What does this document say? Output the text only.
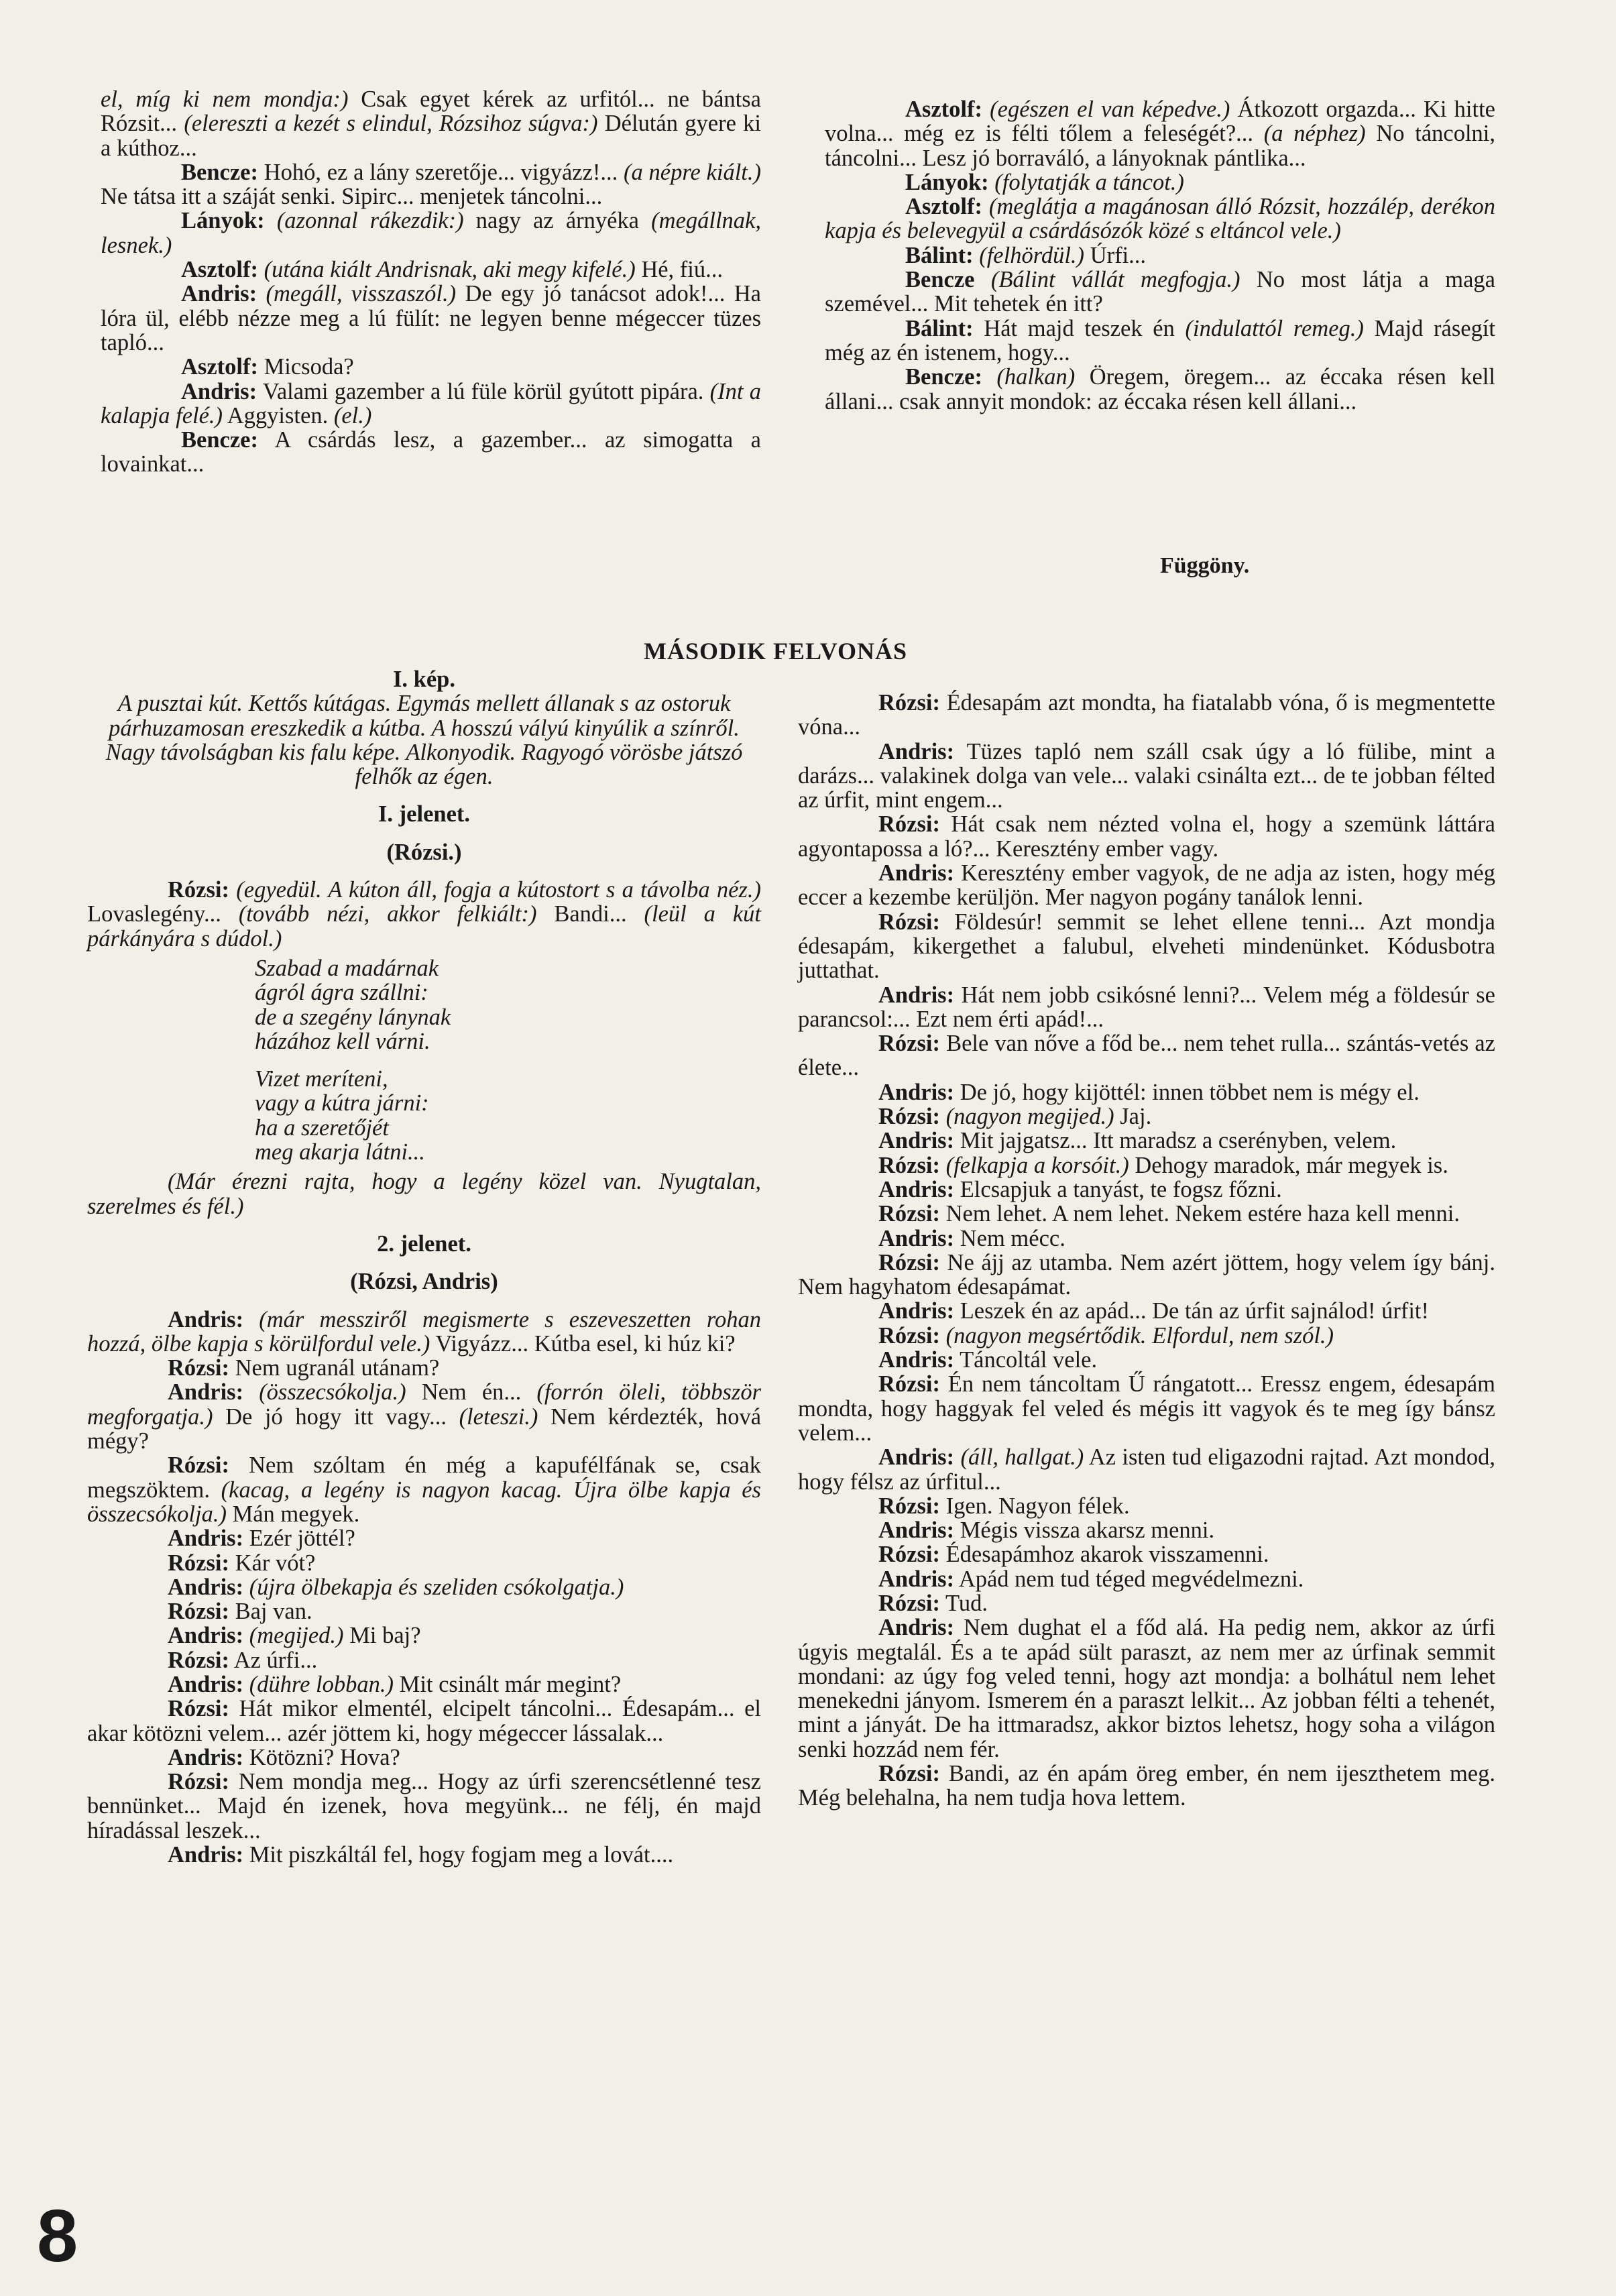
el, míg ki nem mondja:) Csak egyet kérek az urfitól... ne bántsa Rózsit... (elereszti a kezét s elindul, Rózsihoz súgva:) Délután gyere ki a kúthoz...

Bencze: Hohó, ez a lány szeretője... vigyázz!... (a népre kiált.) Ne tátsa itt a száját senki. Sipirc... menjetek táncolni...

Lányok: (azonnal rákezdik:) nagy az árnyéka (megállnak, lesnek.)

Asztolf: (utána kiált Andrisnak, aki megy kifelé.) Hé, fiú...

Andris: (megáll, visszaszól.) De egy jó tanácsot adok!... Ha lóra ül, elébb nézze meg a lú fülít: ne legyen benne mégeccer tüzes tapló...

Asztolf: Micsoda?

Andris: Valami gazember a lú füle körül gyútott pipára. (Int a kalapja felé.) Aggyisten. (el.)

Bencze: A csárdás lesz, a gazember... az simogatta a lovainkat...

Asztolf: (egészen el van képedve.) Átkozott orgazda... Ki hitte volna... még ez is félti tőlem a feleségét?... (a néphez) No táncolni, táncolni... Lesz jó borraváló, a lányoknak pántlika...

Lányok: (folytatják a táncot.)

Asztolf: (meglátja a magánosan álló Rózsit, hozzálép, derékon kapja és belevegyül a csárdásózók közé s eltáncol vele.)

Bálint: (felhördül.) Úrfi...

Bencze (Bálint vállát megfogja.) No most látja a maga szemével... Mit tehetek én itt?

Bálint: Hát majd teszek én (indulattól remeg.) Majd rásegít még az én istenem, hogy...

Bencze: (halkan) Öregem, öregem... az éccaka résen kell állani... csak annyit mondok: az éccaka résen kell állani...

Függöny.
MÁSODIK FELVONÁS

I. kép.

A pusztai kút. Kettős kútágas. Egymás mellett állanak s az ostoruk párhuzamosan ereszkedik a kútba. A hosszú vályú kinyúlik a színről. Nagy távolságban kis falu képe. Alkonyodik. Ragyogó vörösbe játszó felhők az égen.

I. jelenet.

(Rózsi.)

Rózsi: (egyedül. A kúton áll, fogja a kútostort s a távolba néz.) Lovaslegény... (tovább nézi, akkor felkiált:) Bandi... (leül a kút párkányára s dúdol.)

Szabad a madárnak
ágról ágra szállni:
de a szegény lánynak
házához kell várni.
Vizet meríteni,
vagy a kútra járni:
ha a szeretőjét
meg akarja látni...

(Már érezni rajta, hogy a legény közel van. Nyugtalan, szerelmes és fél.)

2. jelenet.

(Rózsi, Andris)

Andris: (már messziről megismerte s eszeveszetten rohan hozzá, ölbe kapja s körülfordul vele.) Vigyázz... Kútba esel, ki húz ki?

Rózsi: Nem ugranál utánam?

Andris: (összecsókolja.) Nem én... (forrón öleli, többször megforgatja.) De jó hogy itt vagy... (leteszi.) Nem kérdezték, hová mégy?

Rózsi: Nem szóltam én még a kapufélfának se, csak megszöktem. (kacag, a legény is nagyon kacag. Újra ölbe kapja és összecsókolja.) Mán megyek.

Andris: Ezér jöttél?

Rózsi: Kár vót?

Andris: (újra ölbekapja és szeliden csókolgatja.)

Rózsi: Baj van.

Andris: (megijed.) Mi baj?

Rózsi: Az úrfi...

Andris: (dühre lobban.) Mit csinált már megint?

Rózsi: Hát mikor elmentél, elcipelt táncolni... Édesapám... el akar kötözni velem... azér jöttem ki, hogy mégeccer lássalak...

Andris: Kötözni? Hova?

Rózsi: Nem mondja meg... Hogy az úrfi szerencsétlenné tesz bennünket... Majd én izenek, hova megyünk... ne félj, én majd híradással leszek...

Andris: Mit piszkáltál fel, hogy fogjam meg a lovát....

Rózsi: Édesapám azt mondta, ha fiatalabb vóna, ő is megmentette vóna...

Andris: Tüzes tapló nem száll csak úgy a ló fülibe, mint a darázs... valakinek dolga van vele... valaki csinálta ezt... de te jobban félted az úrfit, mint engem...

Rózsi: Hát csak nem nézted volna el, hogy a szemünk láttára agyontapossa a ló?... Keresztény ember vagy.

Andris: Keresztény ember vagyok, de ne adja az isten, hogy még eccer a kezembe kerüljön. Mer nagyon pogány tanálok lenni.

Rózsi: Földesúr! semmit se lehet ellene tenni... Azt mondja édesapám, kikergethet a falubul, elveheti mindenünket. Kódusbotra juttathat.

Andris: Hát nem jobb csikósné lenni?... Velem még a földesúr se parancsol:... Ezt nem érti apád!...

Rózsi: Bele van nőve a főd be... nem tehet rulla... szántás-vetés az élete...

Andris: De jó, hogy kijöttél: innen többet nem is mégy el.

Rózsi: (nagyon megijed.) Jaj.

Andris: Mit jajgatsz... Itt maradsz a cserényben, velem.

Rózsi: (felkapja a korsóit.) Dehogy maradok, már megyek is.

Andris: Elcsapjuk a tanyást, te fogsz főzni.

Rózsi: Nem lehet. A nem lehet. Nekem estére haza kell menni.

Andris: Nem mécc.

Rózsi: Ne ájj az utamba. Nem azért jöttem, hogy velem így bánj. Nem hagyhatom édesapámat.

Andris: Leszek én az apád... De tán az úrfit sajnálod! úrfit!

Rózsi: (nagyon megsértődik. Elfordul, nem szól.)

Andris: Táncoltál vele.

Rózsi: Én nem táncoltam Ű rángatott... Eressz engem, édesapám mondta, hogy haggyak fel veled és mégis itt vagyok és te meg így bánsz velem...

Andris: (áll, hallgat.) Az isten tud eligazodni rajtad. Azt mondod, hogy félsz az úrfitul...

Rózsi: Igen. Nagyon félek.

Andris: Mégis vissza akarsz menni.

Rózsi: Édesapámhoz akarok visszamenni.

Andris: Apád nem tud téged megvédelmezni.

Rózsi: Tud.

Andris: Nem dughat el a főd alá. Ha pedig nem, akkor az úrfi úgyis megtalál. És a te apád sült paraszt, az nem mer az úrfinak semmit mondani: az úgy fog veled tenni, hogy azt mondja: a bolhátul nem lehet menekedni jányom. Ismerem én a paraszt lelkit... Az jobban félti a tehenét, mint a jányát. De ha ittmaradsz, akkor biztos lehetsz, hogy soha a világon senki hozzád nem fér.

Rózsi: Bandi, az én apám öreg ember, én nem ijeszthetem meg. Még belehalna, ha nem tudja hova lettem.

8
